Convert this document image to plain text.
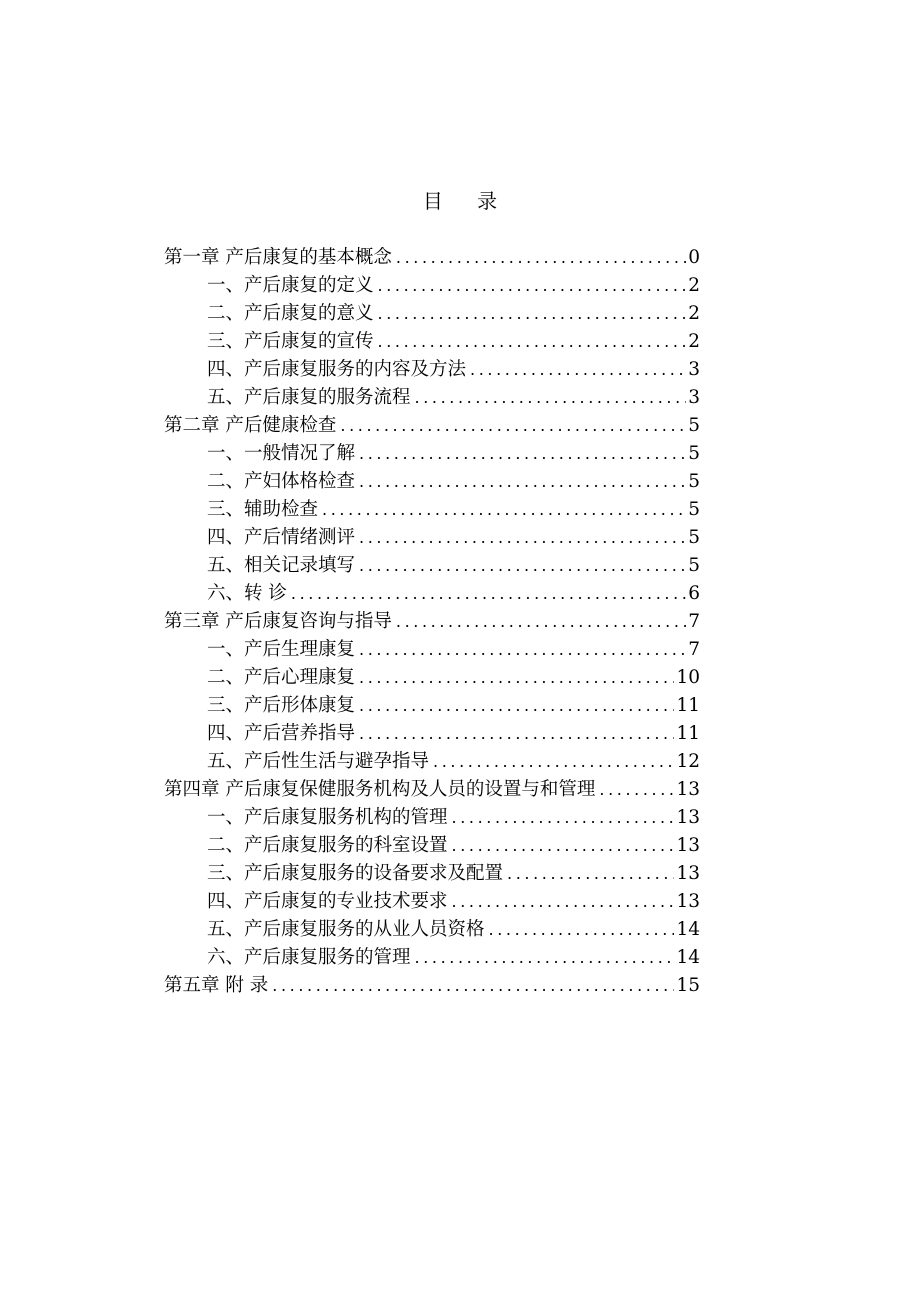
目 录
第一章 产后康复的基本概念 .....	0
一、产后康复的定义 .....	2
二、产后康复的意义 .....	2
三、产后康复的宣传 .....	2
四、产后康复服务的内容及方法 .....	3
五、产后康复的服务流程 .....	3
第二章 产后健康检查 .....	5
一、一般情况了解 .....	5
二、产妇体格检查 .....	5
三、辅助检查 .....	5
四、产后情绪测评 .....	5
五、相关记录填写 .....	5
六、转 诊 .....	6
第三章 产后康复咨询与指导 .....	7
一、产后生理康复 .....	7
二、产后心理康复 .....	10
三、产后形体康复 .....	11
四、产后营养指导 .....	11
五、产后性生活与避孕指导 .....	12
第四章 产后康复保健服务机构及人员的设置与和管理 .....	13
一、产后康复服务机构的管理 .....	13
二、产后康复服务的科室设置 .....	13
三、产后康复服务的设备要求及配置 .....	13
四、产后康复的专业技术要求 .....	13
五、产后康复服务的从业人员资格 .....	14
六、产后康复服务的管理 .....	14
第五章 附 录 .....	15
